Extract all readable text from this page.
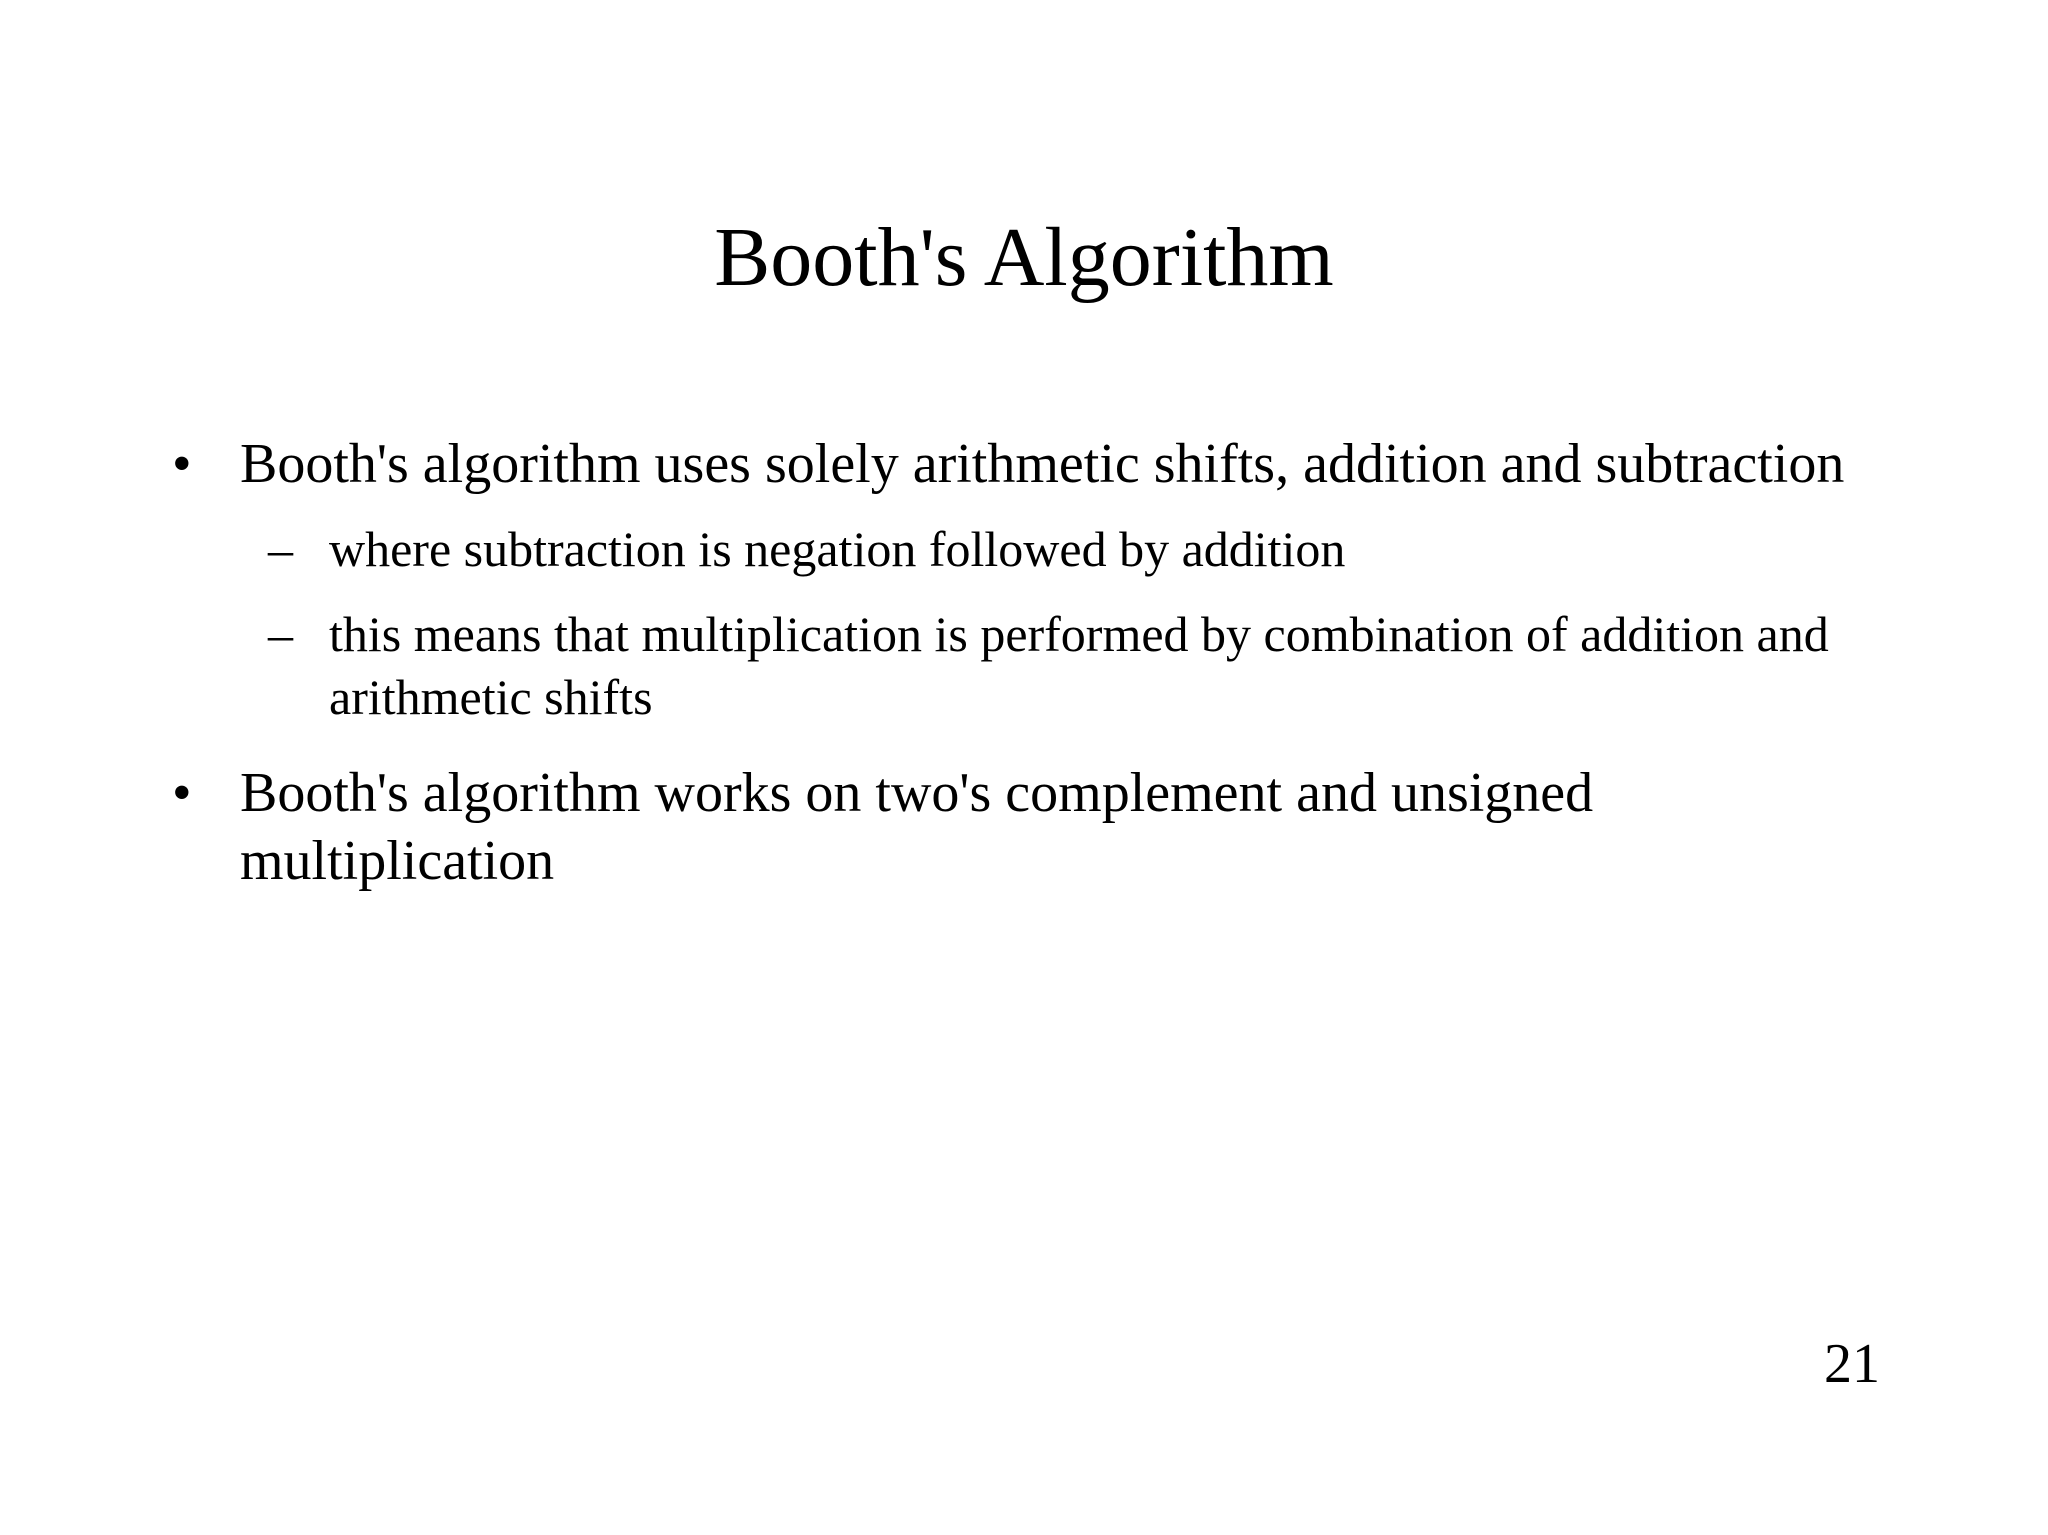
Booth's Algorithm
• Booth's algorithm uses solely arithmetic shifts, addition and subtraction
– where subtraction is negation followed by addition
– this means that multiplication is performed by combination of addition and arithmetic shifts
• Booth's algorithm works on two's complement and unsigned multiplication
21
